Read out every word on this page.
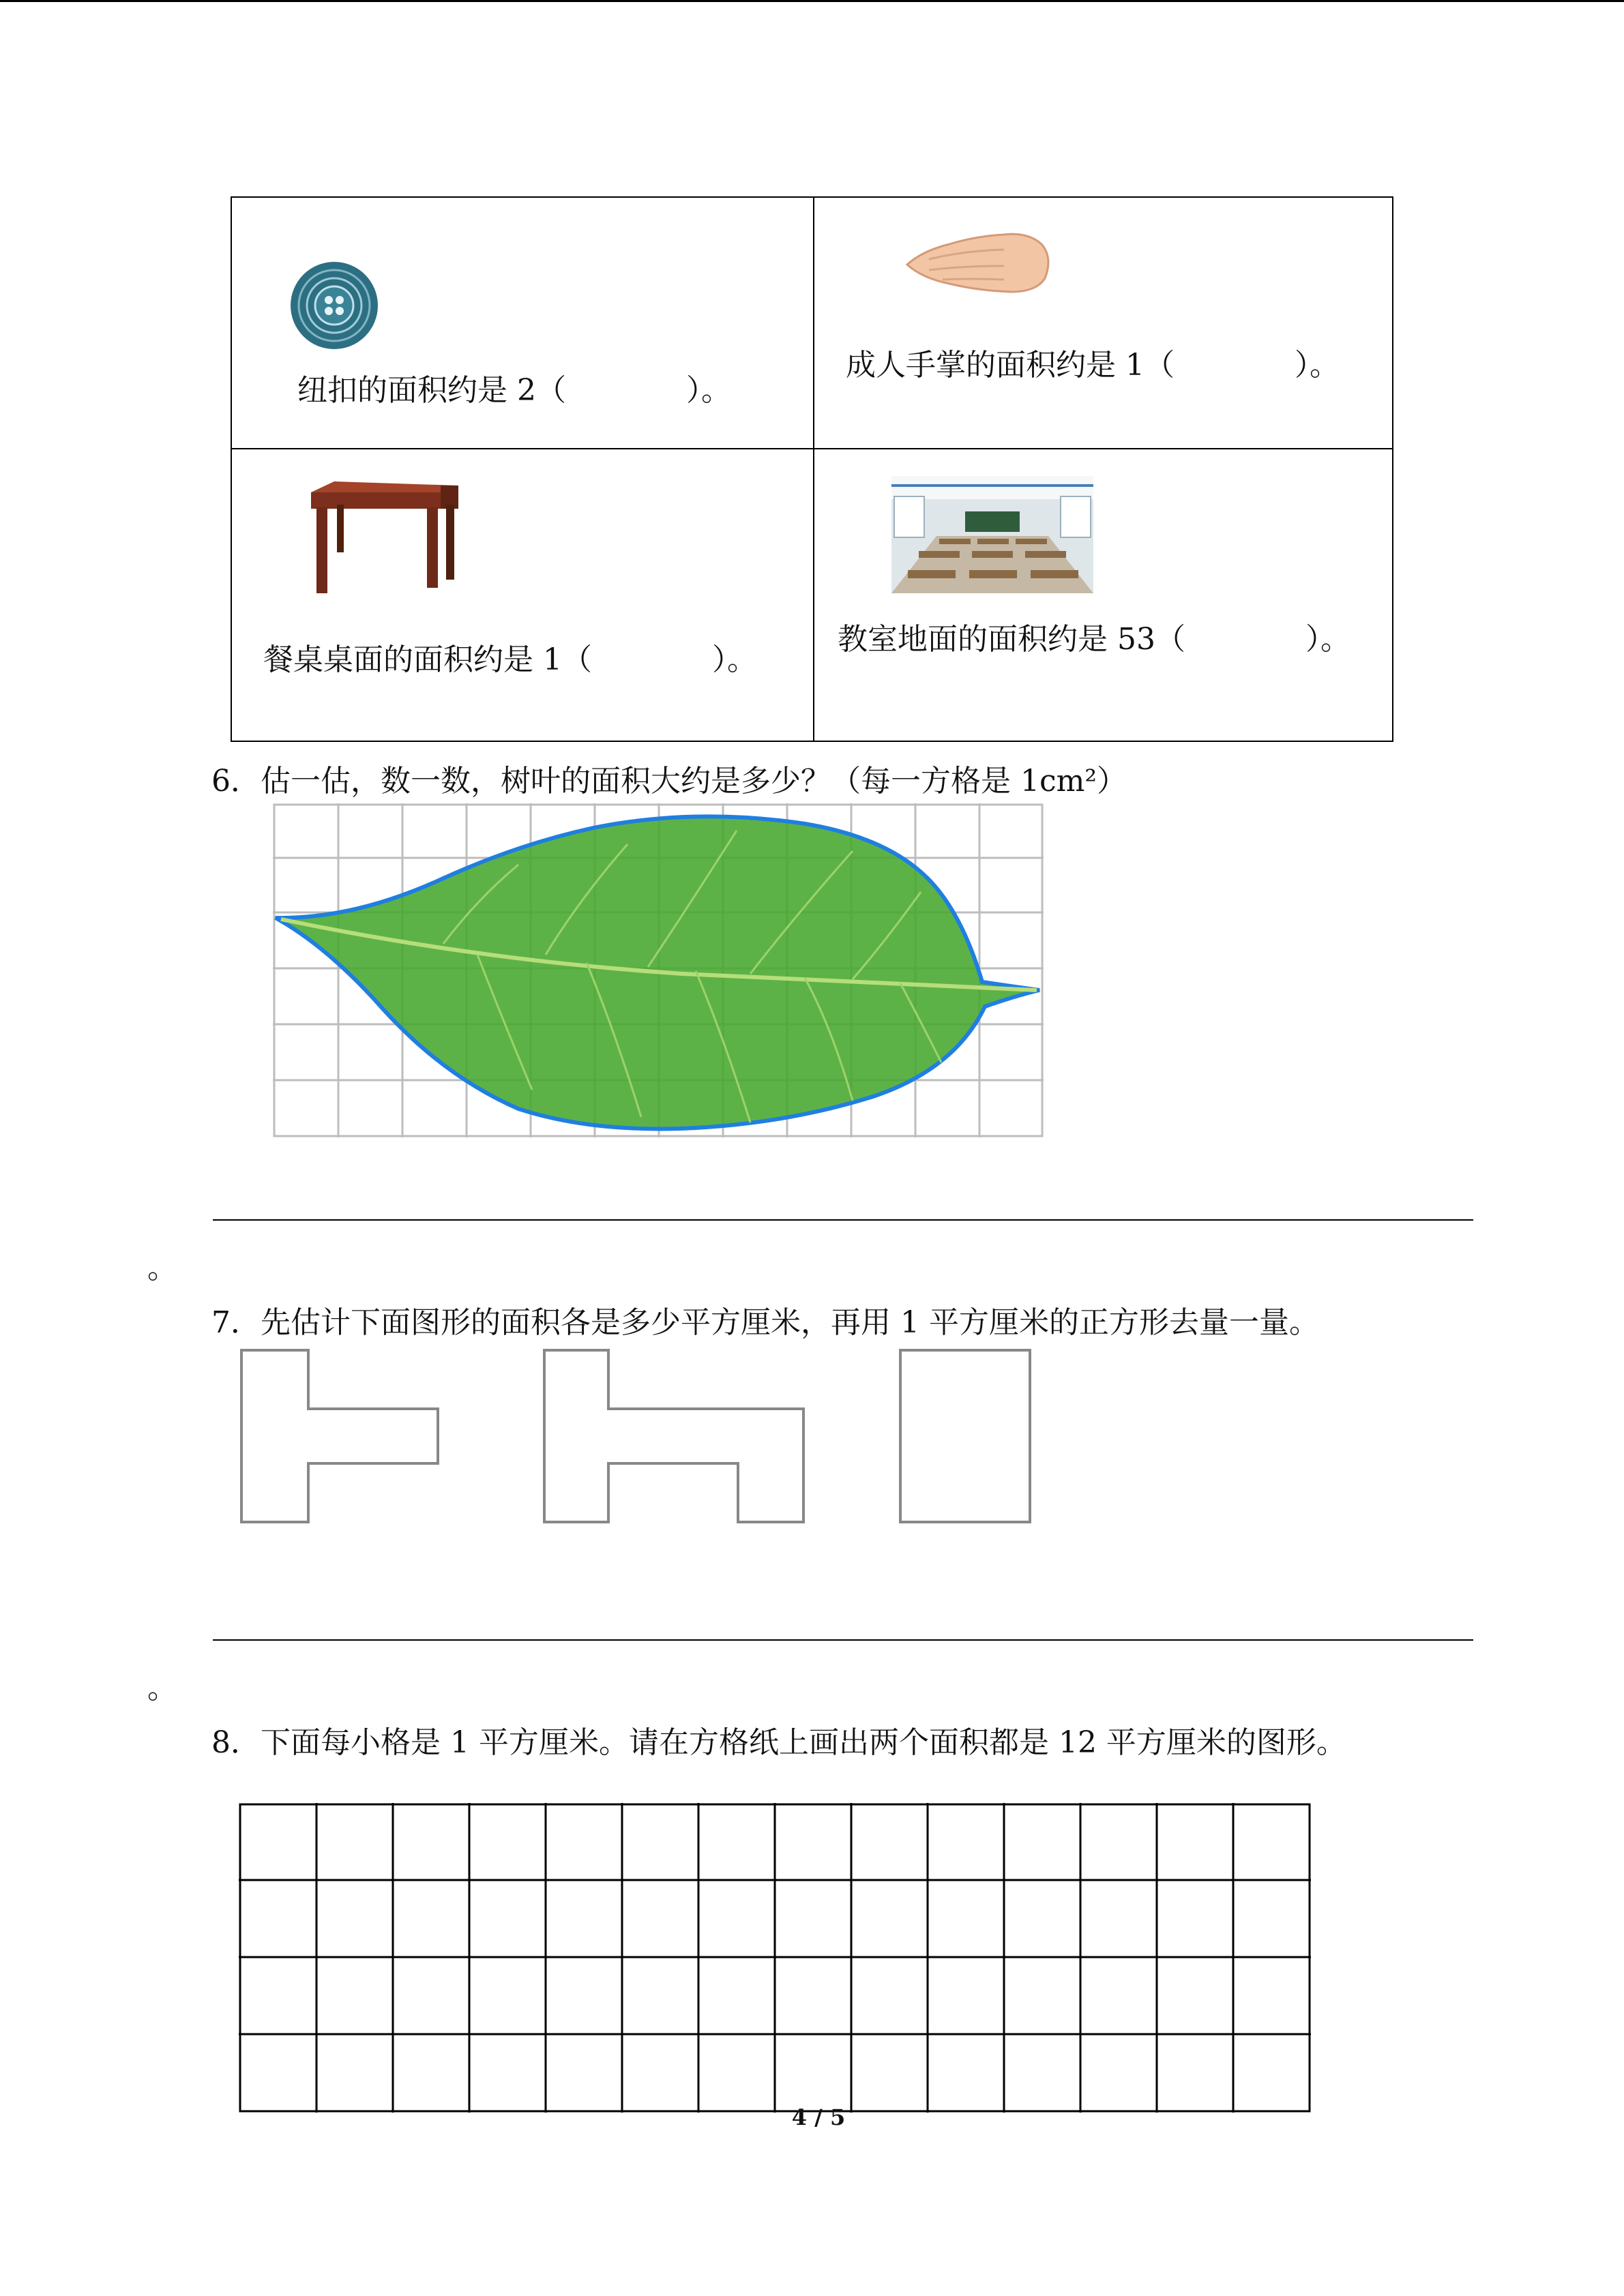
纽扣的面积约是 2（　　　　）。
成人手掌的面积约是 1（　　　　）。
餐桌桌面的面积约是 1（　　　　）。
教室地面的面积约是 53（　　　　）。
6．估一估，数一数，树叶的面积大约是多少？（每一方格是 1cm²）
。
7．先估计下面图形的面积各是多少平方厘米，再用 1 平方厘米的正方形去量一量。
。
8．下面每小格是 1 平方厘米。请在方格纸上画出两个面积都是 12 平方厘米的图形。
4 / 5
